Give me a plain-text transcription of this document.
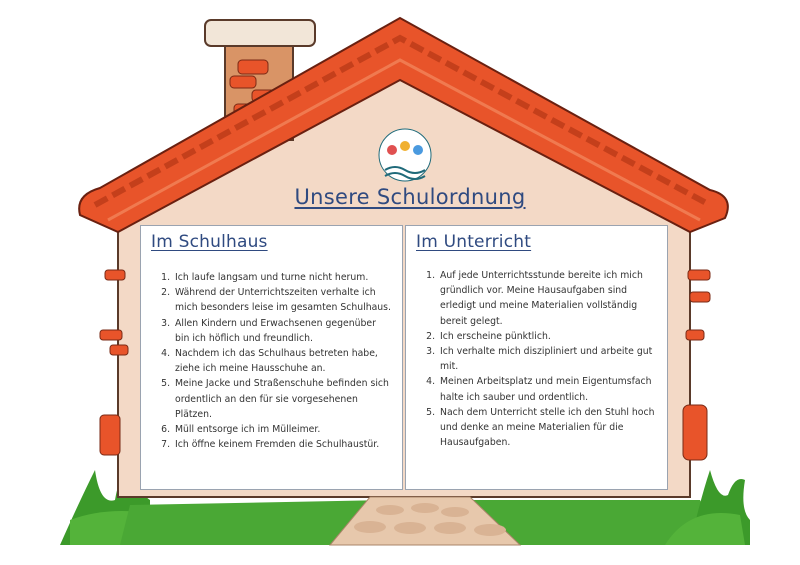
Unsere Schulordnung
Im Schulhaus
1. Ich laufe langsam und turne nicht herum.
2. Während der Unterrichtszeiten verhalte ich mich besonders leise im gesamten Schulhaus.
3. Allen Kindern und Erwachsenen gegenüber bin ich höflich und freundlich.
4. Nachdem ich das Schulhaus betreten habe, ziehe ich meine Hausschuhe an.
5. Meine Jacke und Straßenschuhe befinden sich ordentlich an den für sie vorgesehenen Plätzen.
6. Müll entsorge ich im Mülleimer.
7. Ich öffne keinem Fremden die Schulhaustür.
Im Unterricht
1. Auf jede Unterrichtsstunde bereite ich mich gründlich vor. Meine Hausaufgaben sind erledigt und meine Materialien vollständig bereit gelegt.
2. Ich erscheine pünktlich.
3. Ich verhalte mich diszipliniert und arbeite gut mit.
4. Meinen Arbeitsplatz und mein Eigentumsfach halte ich sauber und ordentlich.
5. Nach dem Unterricht stelle ich den Stuhl hoch und denke an meine Materialien für die Hausaufgaben.
